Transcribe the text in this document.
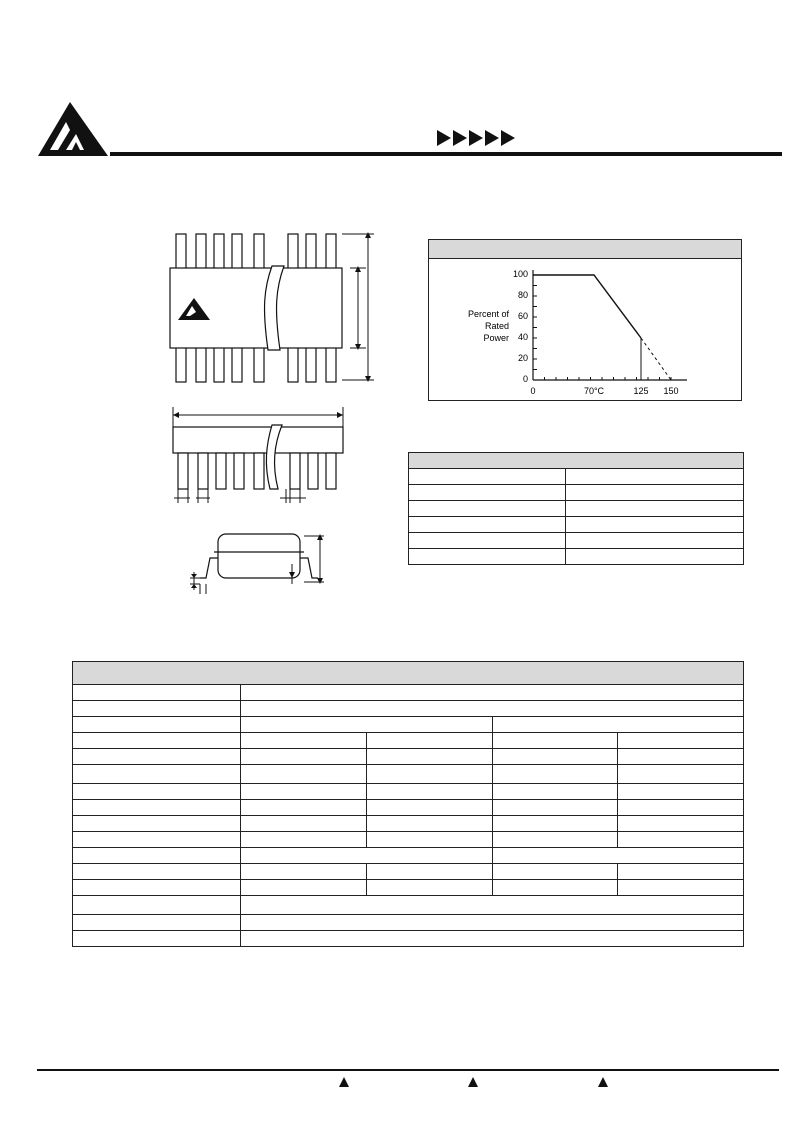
100
80
60
40
20
0
0	70°C	125 150
Percent of
Rated
Power
